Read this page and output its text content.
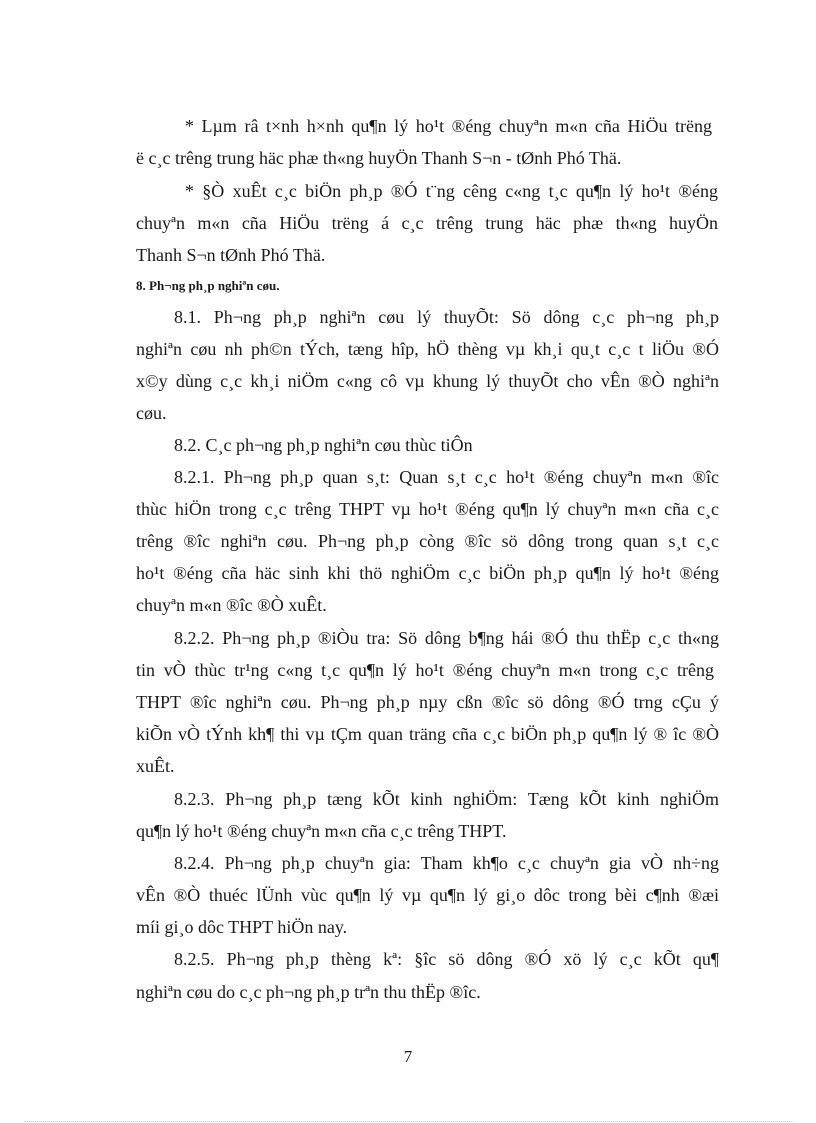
* Lµm râ t×nh h×nh qu¶n lý ho¹t ®éng chuyªn m«n cña HiÖu trëng
ë c¸c trêng trung häc phæ th«ng huyÖn Thanh S¬n - tØnh Phó Thä.
* §Ò xuÊt c¸c biÖn ph¸p ®Ó t¨ng cêng c«ng t¸c qu¶n lý ho¹t ®éng
chuyªn m«n cña HiÖu trëng á c¸c trêng trung häc phæ th«ng huyÖn
Thanh S¬n tØnh Phó Thä.
8. Ph¬ng ph¸p nghiªn cøu.
8.1. Ph¬ng ph¸p nghiªn cøu lý thuyÕt: Sö dông c¸c ph¬ng ph¸p
nghiªn cøu nh ph©n tÝch, tæng hîp, hÖ thèng vµ kh¸i qu¸t c¸c t liÖu ®Ó
x©y dùng c¸c kh¸i niÖm c«ng cô vµ khung lý thuyÕt cho vÊn ®Ò nghiªn
cøu.
8.2. C¸c ph¬ng ph¸p nghiªn cøu thùc tiÔn
8.2.1. Ph¬ng ph¸p quan s¸t: Quan s¸t c¸c ho¹t ®éng chuyªn m«n ®îc
thùc hiÖn trong c¸c trêng THPT vµ ho¹t ®éng qu¶n lý chuyªn m«n cña c¸c
trêng ®îc nghiªn cøu. Ph¬ng ph¸p còng ®îc sö dông trong quan s¸t c¸c
ho¹t ®éng cña häc sinh khi thö nghiÖm c¸c biÖn ph¸p qu¶n lý ho¹t ®éng
chuyªn m«n ®îc ®Ò xuÊt.
8.2.2. Ph¬ng ph¸p ®iÒu tra: Sö dông b¶ng hái ®Ó thu thËp c¸c th«ng
tin vÒ thùc tr¹ng c«ng t¸c qu¶n lý ho¹t ®éng chuyªn m«n trong c¸c trêng
THPT ®îc nghiªn cøu. Ph¬ng ph¸p nµy cßn ®îc sö dông ®Ó trng cÇu ý
kiÕn vÒ tÝnh kh¶ thi vµ tÇm quan träng cña c¸c biÖn ph¸p qu¶n lý ® îc ®Ò
xuÊt.
8.2.3. Ph¬ng ph¸p tæng kÕt kinh nghiÖm: Tæng kÕt kinh nghiÖm
qu¶n lý ho¹t ®éng chuyªn m«n cña c¸c trêng THPT.
8.2.4. Ph¬ng ph¸p chuyªn gia: Tham kh¶o c¸c chuyªn gia vÒ nh÷ng
vÊn ®Ò thuéc lÜnh vùc qu¶n lý vµ qu¶n lý gi¸o dôc trong bèi c¶nh ®æi
míi gi¸o dôc THPT hiÖn nay.
8.2.5. Ph¬ng ph¸p thèng kª: §îc sö dông ®Ó xö lý c¸c kÕt qu¶
nghiªn cøu do c¸c ph¬ng ph¸p trªn thu thËp ®îc.
7
